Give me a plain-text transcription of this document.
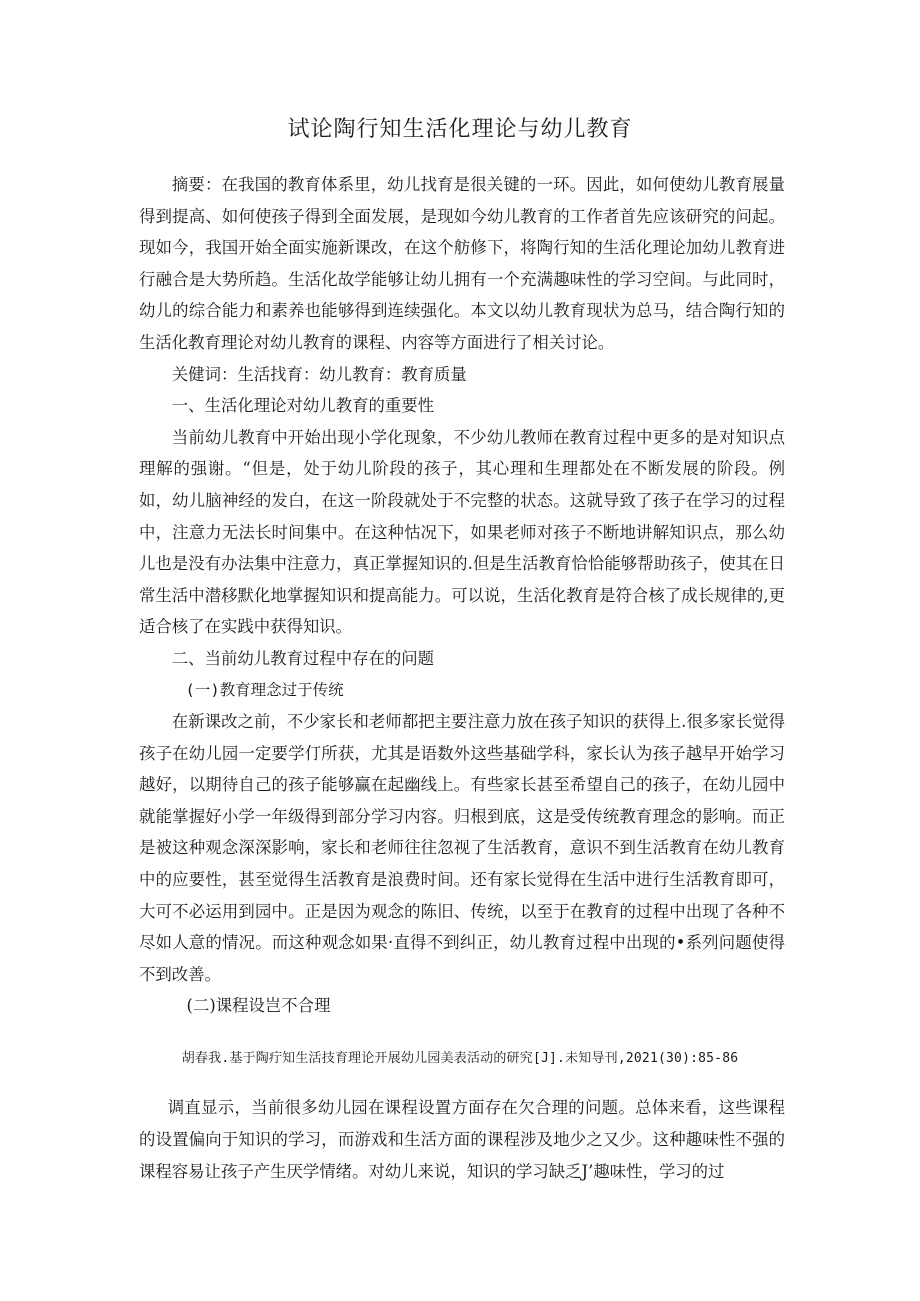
试论陶行知生活化理论与幼儿教育

摘要：在我国的教育体系里，幼儿找育是很关键的一环。因此，如何使幼儿教育展量得到提高、如何使孩子得到全面发展，是现如今幼儿教育的工作者首先应该研究的问起。现如今，我国开始全面实施新课改，在这个舫修下，将陶行知的生活化理论加幼儿教育进行融合是大势所趋。生活化故学能够让幼儿拥有一个充满趣味性的学习空间。与此同时，幼儿的综合能力和素养也能够得到连续强化。本文以幼儿教育现状为总马，结合陶行知的生活化教育理论对幼儿教育的课程、内容等方面进行了相关讨论。

关健词：生活找育：幼儿教育：教育质量

一、生活化理论对幼儿教育的重要性

当前幼儿教育中开始出现小学化现象，不少幼儿教师在教育过程中更多的是对知识点理解的强谢。“但是，处于幼儿阶段的孩子，其心理和生理都处在不断发展的阶段。例如，幼儿脑神经的发白，在这一阶段就处于不完整的状态。这就导致了孩子在学习的过程中，注意力无法长时间集中。在这种怙况下，如果老师对孩子不断地讲解知识点，那么幼儿也是没有办法集中注意力，真正掌握知识的.但是生活教育恰恰能够帮助孩子，使其在日常生活中潜移默化地掌握知识和提高能力。可以说，生活化教育是符合核了成长规律的,更适合核了在实践中获得知识。

二、当前幼儿教育过程中存在的问题

(一)教育理念过于传统

在新课改之前，不少家长和老师都把主要注意力放在孩子知识的获得上.很多家长觉得孩子在幼儿园一定要学仃所获，尤其是语数外这些基础学科，家长认为孩子越早开始学习越好，以期待自己的孩子能够赢在起幽线上。有些家长甚至希望自己的孩子，在幼儿园中就能掌握好小学一年级得到部分学习内容。归根到底，这是受传统教育理念的影响。而正是被这种观念深深影响，家长和老师往往忽视了生活教育，意识不到生活教育在幼儿教育中的应要性，甚至觉得生活教育是浪费时间。还有家长觉得在生活中进行生活教育即可，大可不必运用到园中。正是因为观念的陈旧、传统，以至于在教育的过程中出现了各种不尽如人意的情况。而这种观念如果·直得不到纠正，幼儿教育过程中出现的•系列问题使得不到改善。

(二)课程设岂不合理

胡春我.基于陶疔知生活技育理论开展幼儿园美表活动的研究[J].未知导刊,2021(30):85-86

调直显示，当前很多幼儿园在课程设置方面存在欠合理的问题。总体来看，这些课程的设置偏向于知识的学习，而游戏和生活方面的课程涉及地少之又少。这种趣味性不强的课程容易让孩子产生厌学情绪。对幼儿来说，知识的学习缺乏J’趣味性，学习的过
